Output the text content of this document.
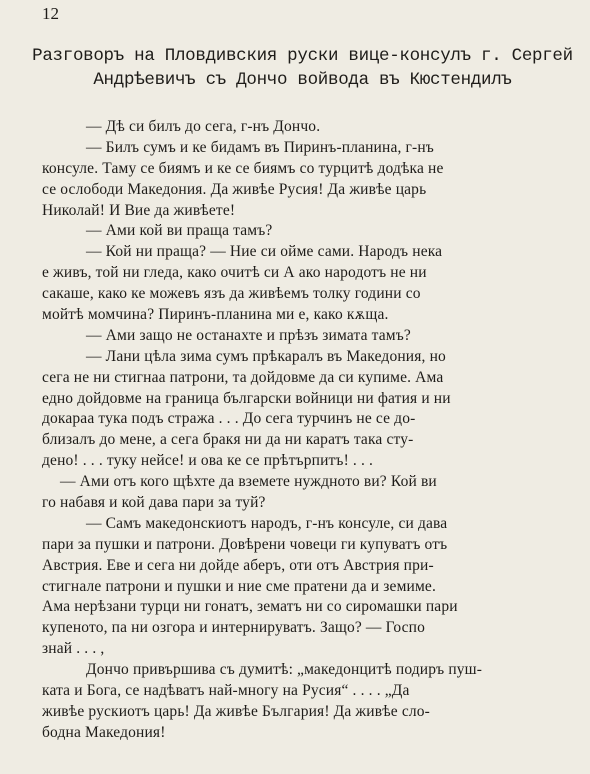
12
Разговоръ на Пловдивския руски вице-консулъ г. Сергей
Андрѣевичъ съ Дончо войвода въ Кюстендилъ
— Дѣ си билъ до сега, г-нъ Дончо.
— Билъ сумъ и ке бидамъ въ Пиринъ-планина, г-нъ
консуле. Таму се биямъ и ке се биямъ со турцитѣ додѣка не
се ослободи Македония. Да живѣе Русия! Да живѣе царь
Николай! И Вие да живѣете!
— Ами кой ви праща тамъ?
— Кой ни праща? — Ние си ойме сами. Народъ нека
е живъ, той ни гледа, како очитѣ си А ако народотъ не ни
сакаше, како ке можевъ язъ да живѣемъ толку години со
мойтѣ момчина? Пиринъ-планина ми е, како кѫща.
— Ами защо не останахте и прѣзъ зимата тамъ?
— Лани цѣла зима сумъ прѣкаралъ въ Македония, но
сега не ни стигнаа патрони, та дойдовме да си купиме. Ама
едно дойдовме на граница български войници ни фатия и ни
докараа тука подъ стража . . . До сега турчинъ не се до-
близалъ до мене, а сега бракя ни да ни каратъ така сту-
дено! . . . туку нейсе! и ова ке се прѣтърпитъ! . . .
— Ами отъ кого щѣхте да вземете нуждното ви? Кой ви
го набавя и кой дава пари за туй?
— Самъ македонскиотъ народъ, г-нъ консуле, си дава
пари за пушки и патрони. Довѣрени човеци ги купуватъ отъ
Австрия. Еве и сега ни дойде аберъ, оти отъ Австрия при-
стигнале патрони и пушки и ние сме пратени да и земиме.
Ама нерѣзани турци ни гонатъ, зематъ ни со сиромашки пари
купеното, па ни озгора и интернируватъ. Защо? — Госпо
знай . . . ,
Дончо привършива съ думитѣ: „македонцитѣ подиръ пуш-
ката и Бога, се надѣватъ най-многу на Русия“ . . . . „Да
живѣе рускиотъ царь! Да живѣе България! Да живѣе сло-
бодна Македония!
